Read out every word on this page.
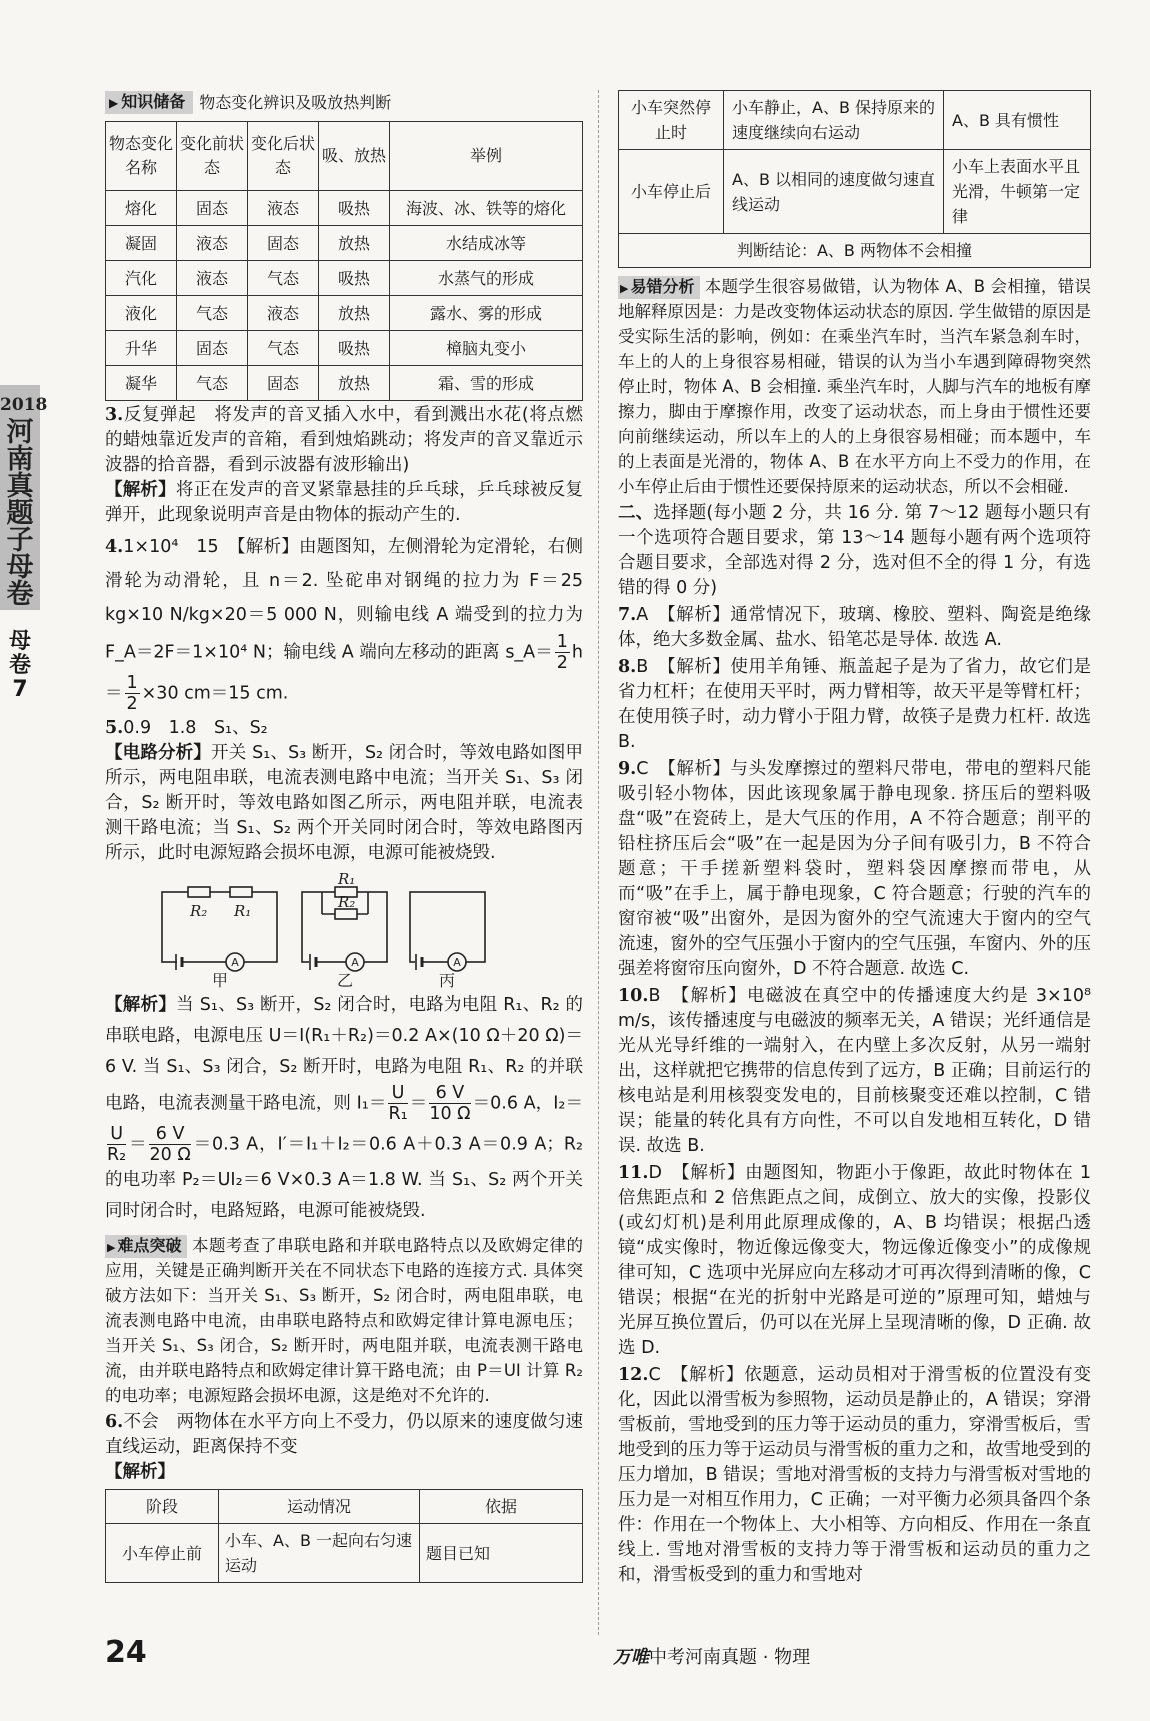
2018
河南真题子母卷
母
卷
7
▶ 知识储备 物态变化辨识及吸放热判断
物态变化名称	变化前状态	变化后状态	吸、放热	举例
熔化	固态	液态	吸热	海波、冰、铁等的熔化
凝固	液态	固态	放热	水结成冰等
汽化	液态	气态	吸热	水蒸气的形成
液化	气态	液态	放热	露水、雾的形成
升华	固态	气态	吸热	樟脑丸变小
凝华	气态	固态	放热	霜、雪的形成

3.反复弹起　将发声的音叉插入水中，看到溅出水花(将点燃的蜡烛靠近发声的音箱，看到烛焰跳动；将发声的音叉靠近示波器的拾音器，看到示波器有波形输出)

【解析】将正在发声的音叉紧靠悬挂的乒乓球，乒乓球被反复弹开，此现象说明声音是由物体的振动产生的.

4.1×10⁴　15　【解析】由题图知，左侧滑轮为定滑轮，右侧滑轮为动滑轮，且 n＝2. 坠砣串对钢绳的拉力为 F＝25 kg×10 N/kg×20＝5 000 N，则输电线 A 端受到的拉力为 F_A＝2F＝1×10⁴ N；输电线 A 端向左移动的距离 s_A＝ $\frac{1}{2} h= \frac{1}{2} \times 30$ cm＝15 cm.

5.0.9　1.8　S₁、S₂

【电路分析】开关 S₁、S₃ 断开，S₂ 闭合时，等效电路如图甲所示，两电阻串联，电流表测电路中电流；当开关 S₁、S₃ 闭合，S₂ 断开时，等效电路如图乙所示，两电阻并联，电流表测干路电流；当 S₁、S₂ 两个开关同时闭合时，等效电路图丙所示，此时电源短路会损坏电源，电源可能被烧毁.

R₂ R₁
R₁
R₂
A	A	A
甲	乙	丙

【解析】当 S₁、S₃ 断开，S₂ 闭合时，电路为电阻 R₁、R₂ 的串联电路，电源电压 U＝I(R₁＋R₂)＝0.2 A×(10 Ω＋20 Ω)＝6 V. 当 S₁、S₃ 闭合，S₂ 断开时，电路为电阻 R₁、R₂ 的并联电路，电流表测量干路电流，则 $I_1= \frac{U}{\text{R₁}} = \frac{6 V}{10 \Omega} =0.6$ A，I₂＝
$\frac{U}{\text{R₂}} = \frac{6 V}{20 \Omega} =0.3$ A，I′＝I₁＋I₂＝0.6 A＋0.3 A＝0.9 A；R₂ 的电功率 P₂＝UI₂＝6 V×0.3 A＝1.8 W. 当 S₁、S₂ 两个开关同时闭合时，电路短路，电源可能被烧毁.

▶ 难点突破 本题考查了串联电路和并联电路特点以及欧姆定律的应用，关键是正确判断开关在不同状态下电路的连接方式. 具体突破方法如下：当开关 S₁、S₃ 断开，S₂ 闭合时，两电阻串联，电流表测电路中电流，由串联电路特点和欧姆定律计算电源电压；当开关 S₁、S₃ 闭合，S₂ 断开时，两电阻并联，电流表测干路电流，由并联电路特点和欧姆定律计算干路电流；由 P＝UI 计算 R₂ 的电功率；电源短路会损坏电源，这是绝对不允许的.

6.不会　两物体在水平方向上不受力，仍以原来的速度做匀速直线运动，距离保持不变

【解析】

阶段	运动情况	依据
小车停止前	小车、A、B 一起向右匀速运动	题目已知
小车突然停止时	小车静止，A、B 保持原来的速度继续向右运动	A、B 具有惯性
小车停止后	A、B 以相同的速度做匀速直线运动	小车上表面水平且光滑，牛顿第一定律
判断结论：A、B 两物体不会相撞		

▶ 易错分析 本题学生很容易做错，认为物体 A、B 会相撞，错误地解释原因是：力是改变物体运动状态的原因. 学生做错的原因是受实际生活的影响，例如：在乘坐汽车时，当汽车紧急刹车时，车上的人的上身很容易相碰，错误的认为当小车遇到障碍物突然停止时，物体 A、B 会相撞. 乘坐汽车时，人脚与汽车的地板有摩擦力，脚由于摩擦作用，改变了运动状态，而上身由于惯性还要向前继续运动，所以车上的人的上身很容易相碰；而本题中，车的上表面是光滑的，物体 A、B 在水平方向上不受力的作用，在小车停止后由于惯性还要保持原来的运动状态，所以不会相碰.

二、选择题(每小题 2 分，共 16 分. 第 7～12 题每小题只有一个选项符合题目要求，第 13～14 题每小题有两个选项符合题目要求，全部选对得 2 分，选对但不全的得 1 分，有选错的得 0 分)

7.A　【解析】通常情况下，玻璃、橡胶、塑料、陶瓷是绝缘体，绝大多数金属、盐水、铅笔芯是导体. 故选 A.

8.B　【解析】使用羊角锤、瓶盖起子是为了省力，故它们是省力杠杆；在使用天平时，两力臂相等，故天平是等臂杠杆；在使用筷子时，动力臂小于阻力臂，故筷子是费力杠杆. 故选 B.

9.C　【解析】与头发摩擦过的塑料尺带电，带电的塑料尺能吸引轻小物体，因此该现象属于静电现象. 挤压后的塑料吸盘“吸”在瓷砖上，是大气压的作用，A 不符合题意；削平的铅柱挤压后会“吸”在一起是因为分子间有吸引力，B 不符合题意；干手搓新塑料袋时，塑料袋因摩擦而带电，从而“吸”在手上，属于静电现象，C 符合题意；行驶的汽车的窗帘被“吸”出窗外，是因为窗外的空气流速大于窗内的空气流速，窗外的空气压强小于窗内的空气压强，车窗内、外的压强差将窗帘压向窗外，D 不符合题意. 故选 C.

10.B　【解析】电磁波在真空中的传播速度大约是 3×10⁸ m/s，该传播速度与电磁波的频率无关，A 错误；光纤通信是光从光导纤维的一端射入，在内壁上多次反射，从另一端射出，这样就把它携带的信息传到了远方，B 正确；目前运行的核电站是利用核裂变发电的，目前核聚变还难以控制，C 错误；能量的转化具有方向性，不可以自发地相互转化，D 错误. 故选 B.

11.D　【解析】由题图知，物距小于像距，故此时物体在 1 倍焦距点和 2 倍焦距点之间，成倒立、放大的实像，投影仪(或幻灯机)是利用此原理成像的，A、B 均错误；根据凸透镜“成实像时，物近像远像变大，物远像近像变小”的成像规律可知，C 选项中光屏应向左移动才可再次得到清晰的像，C 错误；根据“在光的折射中光路是可逆的”原理可知，蜡烛与光屏互换位置后，仍可以在光屏上呈现清晰的像，D 正确. 故选 D.

12.C　【解析】依题意，运动员相对于滑雪板的位置没有变化，因此以滑雪板为参照物，运动员是静止的，A 错误；穿滑雪板前，雪地受到的压力等于运动员的重力，穿滑雪板后，雪地受到的压力等于运动员与滑雪板的重力之和，故雪地受到的压力增加，B 错误；雪地对滑雪板的支持力与滑雪板对雪地的压力是一对相互作用力，C 正确；一对平衡力必须具备四个条件：作用在一个物体上、大小相等、方向相反、作用在一条直线上. 雪地对滑雪板的支持力等于滑雪板和运动员的重力之和，滑雪板受到的重力和雪地对

24	万唯中考河南真题 · 物理
